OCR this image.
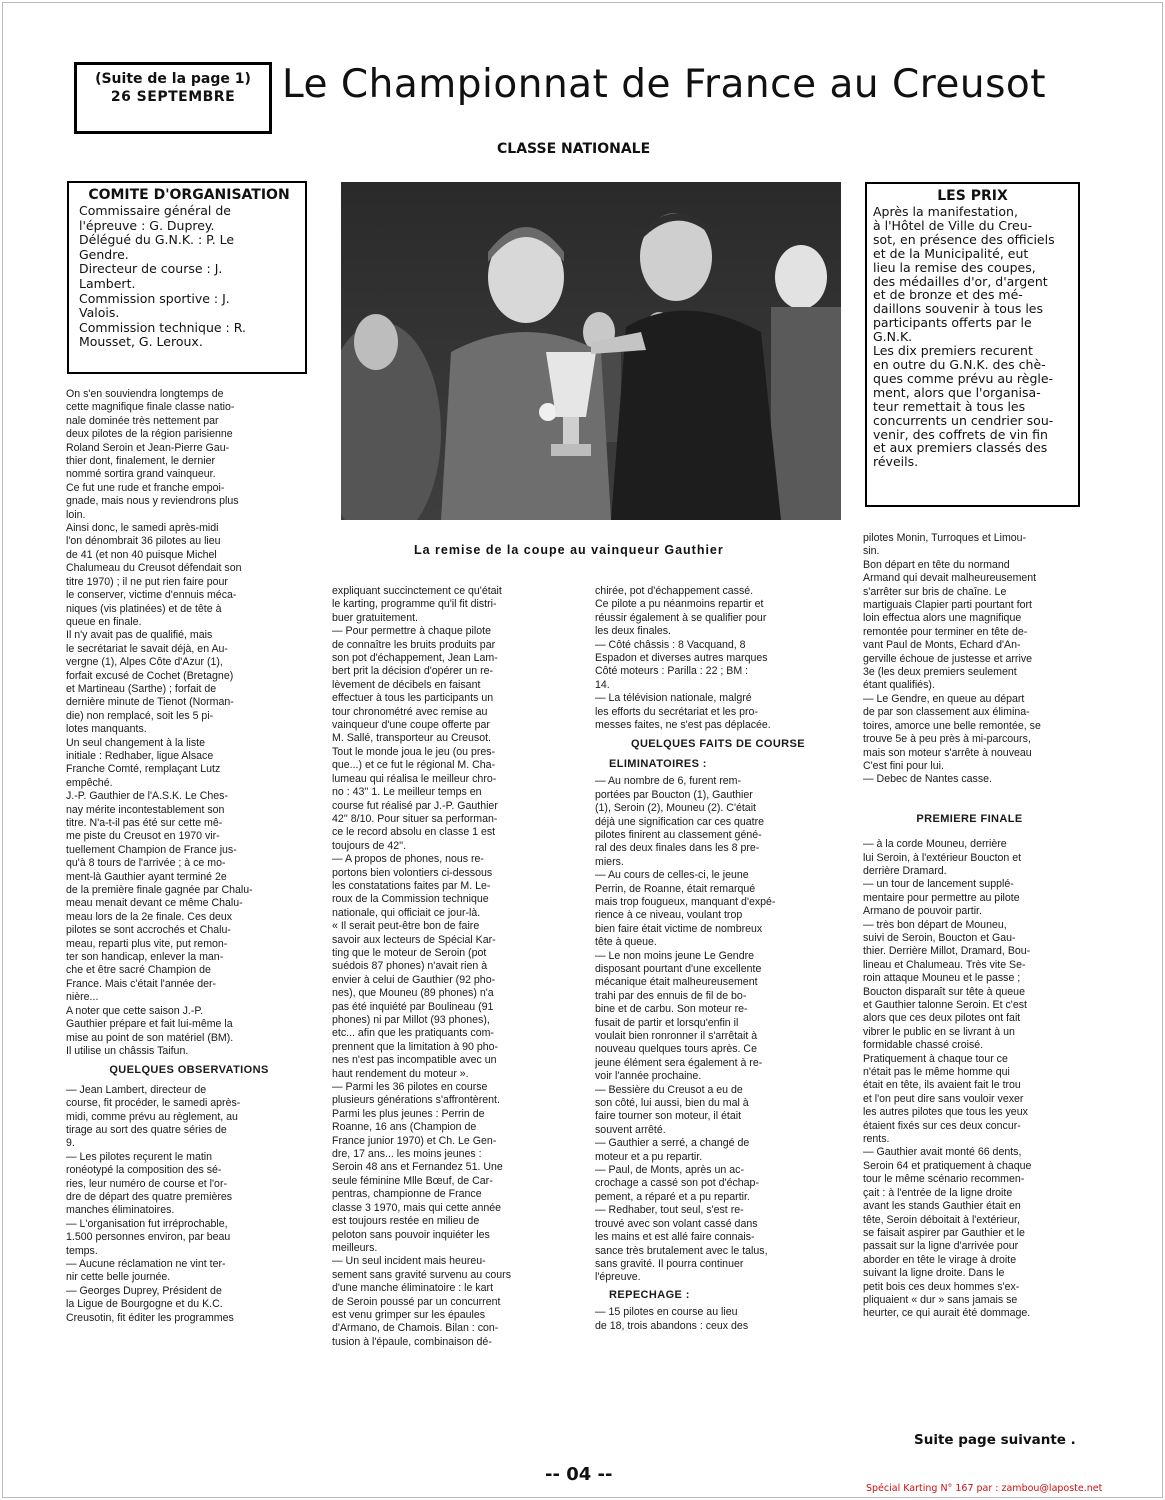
(Suite de la page 1)
26 SEPTEMBRE	Le Championnat de France au Creusot
CLASSE NATIONALE
COMITE D'ORGANISATION
Commissaire général de
l'épreuve : G. Duprey.
Délégué du G.N.K. : P. Le
Gendre.
Directeur de course : J.
Lambert.
Commission sportive : J.
Valois.
Commission technique : R.
Mousset, G. Leroux.
La remise de la coupe au vainqueur Gauthier
LES PRIX
Après la manifestation,
à l'Hôtel de Ville du Creu-
sot, en présence des officiels
et de la Municipalité, eut
lieu la remise des coupes,
des médailles d'or, d'argent
et de bronze et des mé-
daillons souvenir à tous les
participants offerts par le
G.N.K.
Les dix premiers recurent
en outre du G.N.K. des chè-
ques comme prévu au règle-
ment, alors que l'organisa-
teur remettait à tous les
concurrents un cendrier sou-
venir, des coffrets de vin fin
et aux premiers classés des
réveils.
On s'en souviendra longtemps de
cette magnifique finale classe natio-
nale dominée très nettement par
deux pilotes de la région parisienne
Roland Seroin et Jean-Pierre Gau-
thier dont, finalement, le dernier
nommé sortira grand vainqueur.
Ce fut une rude et franche empoi-
gnade, mais nous y reviendrons plus
loin.
Ainsi donc, le samedi après-midi
l'on dénombrait 36 pilotes au lieu
de 41 (et non 40 puisque Michel
Chalumeau du Creusot défendait son
titre 1970) ; il ne put rien faire pour
le conserver, victime d'ennuis méca-
niques (vis platinées) et de tête à
queue en finale.
Il n'y avait pas de qualifié, mais
le secrétariat le savait déjà, en Au-
vergne (1), Alpes Côte d'Azur (1),
forfait excusé de Cochet (Bretagne)
et Martineau (Sarthe) ; forfait de
dernière minute de Tienot (Norman-
die) non remplacé, soit les 5 pi-
lotes manquants.
Un seul changement à la liste
initiale : Redhaber, ligue Alsace
Franche Comté, remplaçant Lutz
empêché.
J.-P. Gauthier de l'A.S.K. Le Ches-
nay mérite incontestablement son
titre. N'a-t-il pas été sur cette mê-
me piste du Creusot en 1970 vir-
tuellement Champion de France jus-
qu'à 8 tours de l'arrivée ; à ce mo-
ment-là Gauthier ayant terminé 2e
de la première finale gagnée par Chalu-
meau menait devant ce même Chalu-
meau lors de la 2e finale. Ces deux
pilotes se sont accrochés et Chalu-
meau, reparti plus vite, put remon-
ter son handicap, enlever la man-
che et être sacré Champion de
France. Mais c'était l'année der-
nière...
A noter que cette saison J.-P.
Gauthier prépare et fait lui-même la
mise au point de son matériel (BM).
Il utilise un châssis Taifun.
QUELQUES OBSERVATIONS
— Jean Lambert, directeur de
course, fit procéder, le samedi après-
midi, comme prévu au règlement, au
tirage au sort des quatre séries de
9.
— Les pilotes reçurent le matin
ronéotypé la composition des sé-
ries, leur numéro de course et l'or-
dre de départ des quatre premières
manches éliminatoires.
— L'organisation fut irréprochable,
1.500 personnes environ, par beau
temps.
— Aucune réclamation ne vint ter-
nir cette belle journée.
— Georges Duprey, Président de
la Ligue de Bourgogne et du K.C.
Creusotin, fit éditer les programmes
expliquant succinctement ce qu'était
le karting, programme qu'il fit distri-
buer gratuitement.
— Pour permettre à chaque pilote
de connaître les bruits produits par
son pot d'échappement, Jean Lam-
bert prit la décision d'opérer un re-
lèvement de décibels en faisant
effectuer à tous les participants un
tour chronométré avec remise au
vainqueur d'une coupe offerte par
M. Sallé, transporteur au Creusot.
Tout le monde joua le jeu (ou pres-
que...) et ce fut le régional M. Cha-
lumeau qui réalisa le meilleur chro-
no : 43'' 1. Le meilleur temps en
course fut réalisé par J.-P. Gauthier
42'' 8/10. Pour situer sa performan-
ce le record absolu en classe 1 est
toujours de 42''.
— A propos de phones, nous re-
portons bien volontiers ci-dessous
les constatations faites par M. Le-
roux de la Commission technique
nationale, qui officiait ce jour-là.
« Il serait peut-être bon de faire
savoir aux lecteurs de Spécial Kar-
ting que le moteur de Seroin (pot
suédois 87 phones) n'avait rien à
envier à celui de Gauthier (92 pho-
nes), que Mouneu (89 phones) n'a
pas été inquiété par Boulineau (91
phones) ni par Millot (93 phones),
etc... afin que les pratiquants com-
prennent que la limitation à 90 pho-
nes n'est pas incompatible avec un
haut rendement du moteur ».
— Parmi les 36 pilotes en course
plusieurs générations s'affrontèrent.
Parmi les plus jeunes : Perrin de
Roanne, 16 ans (Champion de
France junior 1970) et Ch. Le Gen-
dre, 17 ans... les moins jeunes :
Seroin 48 ans et Fernandez 51. Une
seule féminine Mlle Bœuf, de Car-
pentras, championne de France
classe 3 1970, mais qui cette année
est toujours restée en milieu de
peloton sans pouvoir inquiéter les
meilleurs.
— Un seul incident mais heureu-
sement sans gravité survenu au cours
d'une manche éliminatoire : le kart
de Seroin poussé par un concurrent
est venu grimper sur les épaules
d'Armano, de Chamois. Bilan : con-
tusion à l'épaule, combinaison dé-
chirée, pot d'échappement cassé.
Ce pilote a pu néanmoins repartir et
réussir également à se qualifier pour
les deux finales.
— Côté châssis : 8 Vacquand, 8
Espadon et diverses autres marques
Côté moteurs : Parilla : 22 ; BM :
14.
— La télévision nationale, malgré
les efforts du secrétariat et les pro-
messes faites, ne s'est pas déplacée.
QUELQUES FAITS DE COURSE
ELIMINATOIRES :
— Au nombre de 6, furent rem-
portées par Boucton (1), Gauthier
(1), Seroin (2), Mouneu (2). C'était
déjà une signification car ces quatre
pilotes finirent au classement géné-
ral des deux finales dans les 8 pre-
miers.
— Au cours de celles-ci, le jeune
Perrin, de Roanne, était remarqué
mais trop fougueux, manquant d'expé-
rience à ce niveau, voulant trop
bien faire était victime de nombreux
tête à queue.
— Le non moins jeune Le Gendre
disposant pourtant d'une excellente
mécanique était malheureusement
trahi par des ennuis de fil de bo-
bine et de carbu. Son moteur re-
fusait de partir et lorsqu'enfin il
voulait bien ronronner il s'arrêtait à
nouveau quelques tours après. Ce
jeune élément sera également à re-
voir l'année prochaine.
— Bessière du Creusot a eu de
son côté, lui aussi, bien du mal à
faire tourner son moteur, il était
souvent arrêté.
— Gauthier a serré, a changé de
moteur et a pu repartir.
— Paul, de Monts, après un ac-
crochage a cassé son pot d'échap-
pement, a réparé et a pu repartir.
— Redhaber, tout seul, s'est re-
trouvé avec son volant cassé dans
les mains et est allé faire connais-
sance très brutalement avec le talus,
sans gravité. Il pourra continuer
l'épreuve.
REPECHAGE :
— 15 pilotes en course au lieu
de 18, trois abandons : ceux des
pilotes Monin, Turroques et Limou-
sin.
Bon départ en tête du normand
Armand qui devait malheureusement
s'arrêter sur bris de chaîne. Le
martiguais Clapier parti pourtant fort
loin effectua alors une magnifique
remontée pour terminer en tête de-
vant Paul de Monts, Echard d'An-
gerville échoue de justesse et arrive
3e (les deux premiers seulement
étant qualifiés).
— Le Gendre, en queue au départ
de par son classement aux élimina-
toires, amorce une belle remontée, se
trouve 5e à peu près à mi-parcours,
mais son moteur s'arrête à nouveau
C'est fini pour lui.
— Debec de Nantes casse.
PREMIERE FINALE
— à la corde Mouneu, derrière
lui Seroin, à l'extérieur Boucton et
derrière Dramard.
— un tour de lancement supplé-
mentaire pour permettre au pilote
Armano de pouvoir partir.
— très bon départ de Mouneu,
suivi de Seroin, Boucton et Gau-
thier. Derrière Millot, Dramard, Bou-
lineau et Chalumeau. Très vite Se-
roin attaque Mouneu et le passe ;
Boucton disparaît sur tête à queue
et Gauthier talonne Seroin. Et c'est
alors que ces deux pilotes ont fait
vibrer le public en se livrant à un
formidable chassé croisé.
Pratiquement à chaque tour ce
n'était pas le même homme qui
était en tête, ils avaient fait le trou
et l'on peut dire sans vouloir vexer
les autres pilotes que tous les yeux
étaient fixés sur ces deux concur-
rents.
— Gauthier avait monté 66 dents,
Seroin 64 et pratiquement à chaque
tour le même scénario recommen-
çait : à l'entrée de la ligne droite
avant les stands Gauthier était en
tête, Seroin déboitait à l'extérieur,
se faisait aspirer par Gauthier et le
passait sur la ligne d'arrivée pour
aborder en tête le virage à droite
suivant la ligne droite. Dans le
petit bois ces deux hommes s'ex-
pliquaient « dur » sans jamais se
heurter, ce qui aurait été dommage.
Suite page suivante .
-- 04 --
Spécial Karting N° 167 par : zambou@laposte.net
